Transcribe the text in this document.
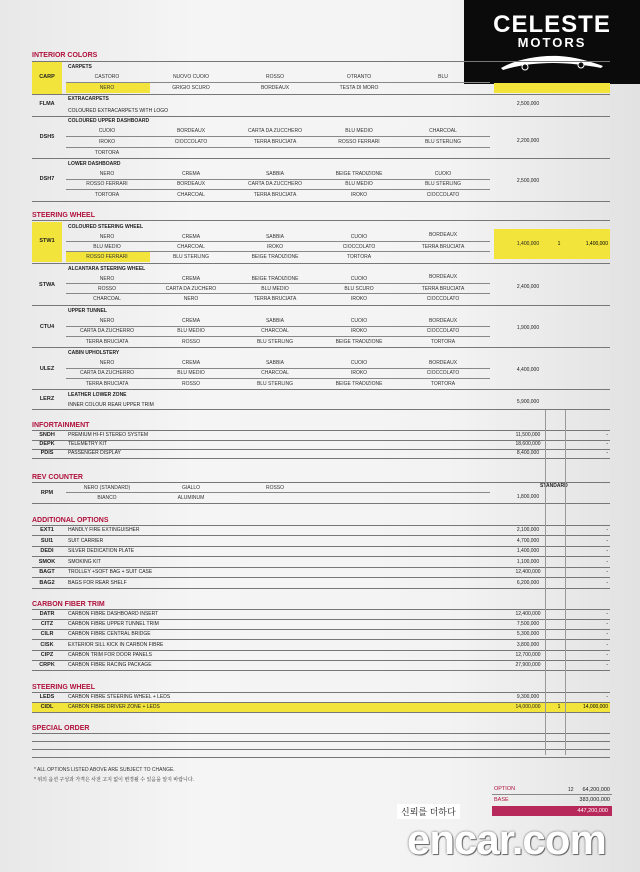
CELESTE
MOTORS
INTERIOR COLORS
CARP
CARPETS
CASTORO	NUOVO CUOIO	ROSSO	OTRANTO	BLU
NERO	GRIGIO SCURO	BORDEAUX	TESTA DI MORO
FLMA
EXTRACARPETS
COLOURED EXTRACARPETS WITH LOGO
2,500,000
DSH5
COLOURED UPPER DASHBOARD
CUOIO	BORDEAUX	CARTA DA ZUCCHERO	BLU MEDIO	CHARCOAL
IROKO	CIOCCOLATO	TERRA BRUCIATA	ROSSO FERRARI	BLU STERLING
TORTORA
2,200,000
DSH7
LOWER DASHBOARD
NERO	CREMA	SABBIA	BEIGE TRADIZIONE	CUOIO
ROSSO FERRARI	BORDEAUX	CARTA DA ZUCCHERO	BLU MEDIO	BLU STERLING
TORTORA	CHARCOAL	TERRA BRUCIATA	IROKO	CIOCCOLATO
2,500,000
STEERING WHEEL
STW1
COLOURED STEERING WHEEL
NERO	CREMA	SABBIA	CUOIO	BORDEAUX
BLU MEDIO	CHARCOAL	IROKO	CIOCCOLATO	TERRA BRUCIATA
ROSSO FERRARI	BLU STERLING	BEIGE TRADIZIONE	TORTORA
1,400,000	1	1,400,000
STWA
ALCANTARA STEERING WHEEL
NERO	CREMA	BEIGE TRADIZIONE	CUOIO	BORDEAUX
ROSSO	CARTA DA ZUCHERO	BLU MEDIO	BLU SCURO	TERRA BRUCIATA
CHARCOAL	NERO	TERRA BRUCIATA	IROKO	CIOCCOLATO
2,400,000
CTU4
UPPER TUNNEL
NERO	CREMA	SABBIA	CUOIO	BORDEAUX
CARTA DA ZUCHERRO	BLU MEDIO	CHARCOAL	IROKO	CIOCCOLATO
TERRA BRUCIATA	ROSSO	BLU STERLING	BEIGE TRADIZIONE	TORTORA
1,900,000
ULEZ
CABIN UPHOLSTERY
NERO	CREMA	SABBIA	CUOIO	BORDEAUX
CARTA DA ZUCHERRO	BLU MEDIO	CHARCOAL	IROKO	CIOCCOLATO
TERRA BRUCIATA	ROSSO	BLU STERLING	BEIGE TRADIZIONE	TORTORA
4,400,000
LERZ
LEATHER LOWER ZONE
INNER COLOUR REAR UPPER TRIM	5,900,000
INFORTAINMENT
SNDH	PREMIUM HI-FI STEREO SYSTEM	11,500,000	-
DEPK	TELEMETRY KIT	18,600,000	-
PDIS	PASSENGER DISPLAY	8,400,000	-
REV COUNTER
RPM
NERO (STANDARD)	GIALLO	ROSSO	STANDARD
BIANCO	ALUMINUM	1,800,000
ADDITIONAL OPTIONS
EXT1	HANDLY FIRE EXTINGUISHER	2,100,000	-
SUI1	SUIT CARRIER	4,700,000	-
DEDI	SILVER DEDICATION PLATE	1,400,000	-
SMOK	SMOKING KIT	1,100,000	-
BAGT	TROLLEY +SOFT BAG + SUIT CASE	12,400,000	-
BAG2	BAGS FOR REAR SHELF	6,200,000	-
CARBON FIBER TRIM
DATR	CARBON FIBRE DASHBOARD INSERT	12,400,000	-
CITZ	CARBON FIBRE UPPER TUNNEL TRIM	7,500,000	-
CILR	CARBON FIBRE CENTRAL BRIDGE	5,300,000	-
CISK	EXTERIOR SILL KICK IN CARBON FIBRE	3,800,000	-
CIPZ	CARBON TRIM FOR DOOR PANELS	12,700,000	-
CRPK	CARBON FIBRE RACING PACKAGE	27,900,000	-
STEERING WHEEL
LEDS	CARBON FIBRE STEERING WHEEL + LEDS	9,300,000	-
CIDL	CARBON FIBRE DRIVER ZONE + LEDS	14,000,000	1	14,000,000
SPECIAL ORDER
* ALL OPTIONS LISTED ABOVE ARE SUBJECT TO CHANGE.
* 위의 옵션 구성과 가격은 사전 고지 없이 변경될 수 있음을 알지 바랍니다.
OPTION	12	64,200,000
BASE	383,000,000
447,200,000
신뢰를 더하다
encar.com
